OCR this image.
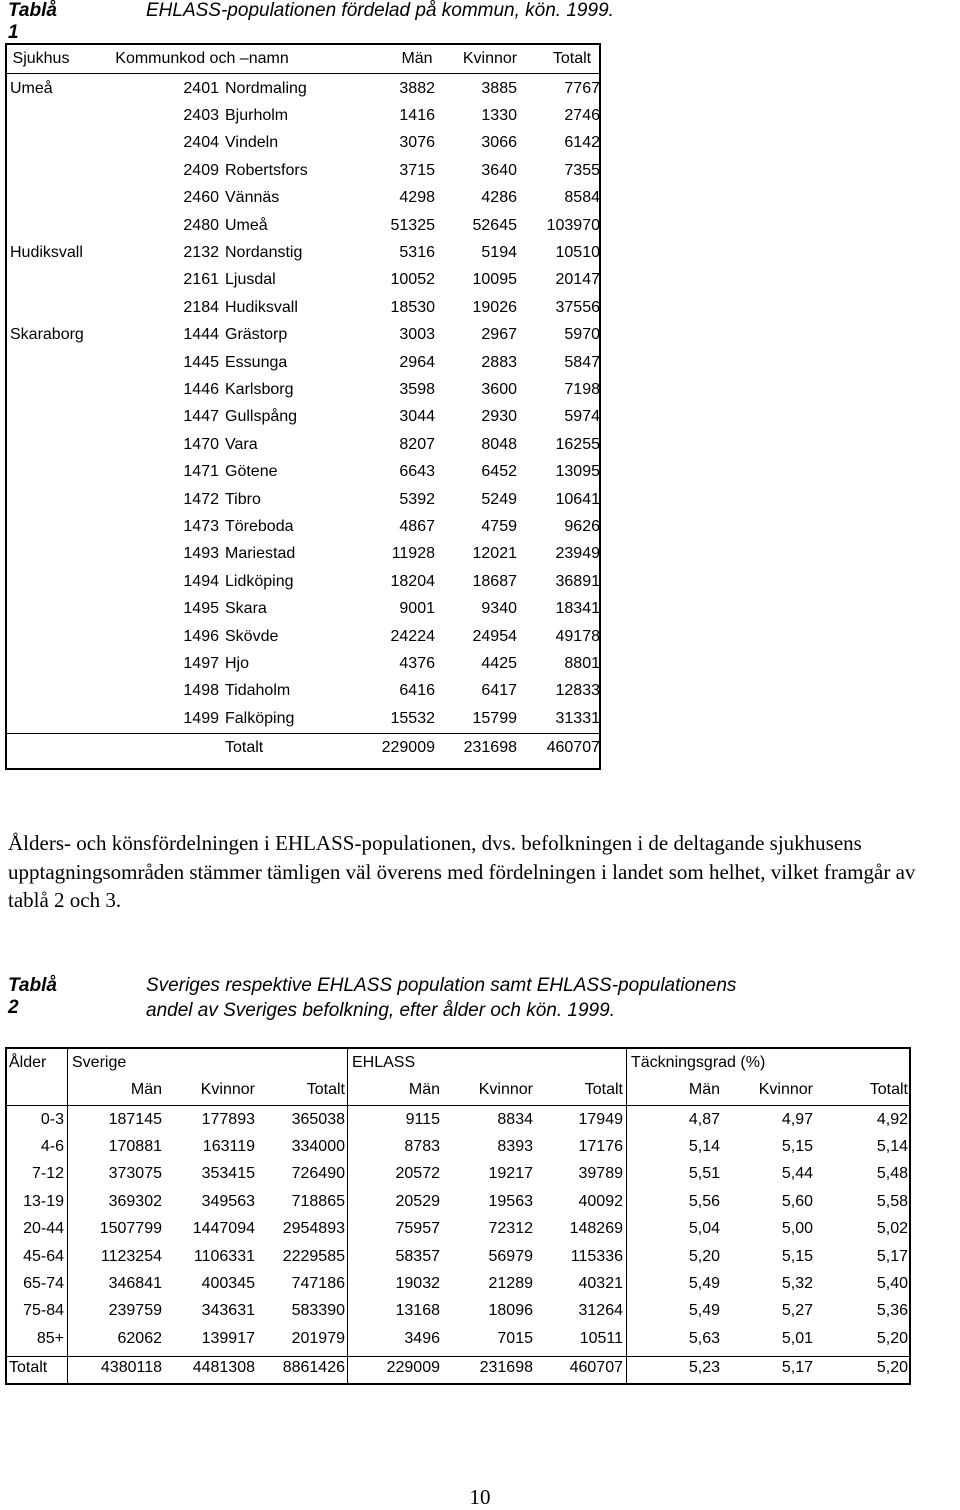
Tablå 1
EHLASS-populationen fördelad på kommun, kön. 1999.
Sjukhus	Kommunkod och –namn	Män	Kvinnor	Totalt
Umeå	2401 Nordmaling	3882	3885	7767
2403 Bjurholm	1416	1330	2746
2404 Vindeln	3076	3066	6142
2409 Robertsfors	3715	3640	7355
2460 Vännäs	4298	4286	8584
2480 Umeå	51325	52645	103970
Hudiksvall	2132 Nordanstig	5316	5194	10510
2161 Ljusdal	10052	10095	20147
2184 Hudiksvall	18530	19026	37556
Skaraborg	1444 Grästorp	3003	2967	5970
1445 Essunga	2964	2883	5847
1446 Karlsborg	3598	3600	7198
1447 Gullspång	3044	2930	5974
1470 Vara	8207	8048	16255
1471 Götene	6643	6452	13095
1472 Tibro	5392	5249	10641
1473 Töreboda	4867	4759	9626
1493 Mariestad	11928	12021	23949
1494 Lidköping	18204	18687	36891
1495 Skara	9001	9340	18341
1496 Skövde	24224	24954	49178
1497 Hjo	4376	4425	8801
1498 Tidaholm	6416	6417	12833
1499 Falköping	15532	15799	31331
Totalt	229009	231698	460707
Ålders- och könsfördelningen i EHLASS-populationen, dvs. befolkningen i de deltagande sjukhusens upptagningsområden stämmer tämligen väl överens med fördelningen i landet som helhet, vilket framgår av tablå 2 och 3.
Tablå 2
Sveriges respektive EHLASS population samt EHLASS-populationens
andel av Sveriges befolkning, efter ålder och kön. 1999.
Ålder Sverige	EHLASS	Täckningsgrad (%)
Män	Kvinnor	Totalt	Män	Kvinnor	Totalt	Män	Kvinnor	Totalt
0-3	187145	177893	365038	9115	8834	17949	4,87	4,97	4,92
4-6	170881	163119	334000	8783	8393	17176	5,14	5,15	5,14
7-12	373075	353415	726490	20572	19217	39789	5,51	5,44	5,48
13-19	369302	349563	718865	20529	19563	40092	5,56	5,60	5,58
20-44	1507799	1447094	2954893	75957	72312	148269	5,04	5,00	5,02
45-64	1123254	1106331	2229585	58357	56979	115336	5,20	5,15	5,17
65-74	346841	400345	747186	19032	21289	40321	5,49	5,32	5,40
75-84	239759	343631	583390	13168	18096	31264	5,49	5,27	5,36
85+	62062	139917	201979	3496	7015	10511	5,63	5,01	5,20
Totalt	4380118	4481308	8861426	229009	231698	460707	5,23	5,17	5,20
10
